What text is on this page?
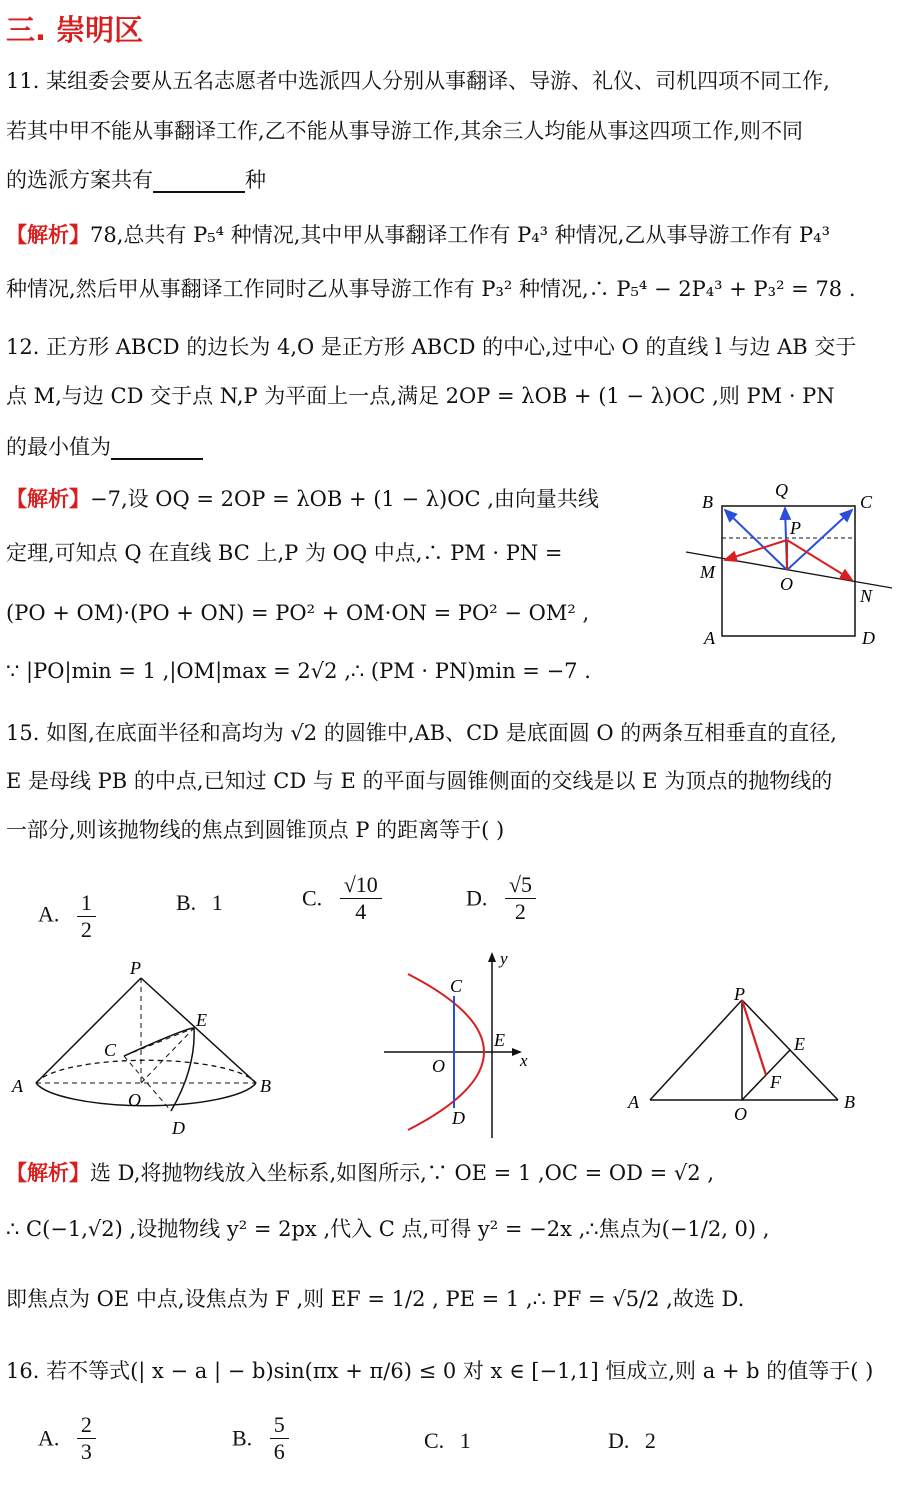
三. 崇明区
11. 某组委会要从五名志愿者中选派四人分别从事翻译、导游、礼仪、司机四项不同工作,
若其中甲不能从事翻译工作,乙不能从事导游工作,其余三人均能从事这四项工作,则不同
的选派方案共有	种
【解析】78,总共有 P₅⁴ 种情况,其中甲从事翻译工作有 P₄³ 种情况,乙从事导游工作有 P₄³
种情况,然后甲从事翻译工作同时乙从事导游工作有 P₃² 种情况,∴ P₅⁴ − 2P₄³ + P₃² = 78 .
12. 正方形 ABCD 的边长为 4,O 是正方形 ABCD 的中心,过中心 O 的直线 l 与边 AB 交于
点 M,与边 CD 交于点 N,P 为平面上一点,满足 2OP = λOB + (1 − λ)OC ,则 PM · PN
的最小值为
【解析】−7,设 OQ = 2OP = λOB + (1 − λ)OC ,由向量共线
定理,可知点 Q 在直线 BC 上,P 为 OQ 中点,∴ PM · PN =
(PO + OM)·(PO + ON) = PO² + OM·ON = PO² − OM² ,
∵ |PO|min = 1 ,|OM|max = 2√2 ,∴ (PM · PN)min = −7 .
B
Q
C
P
M
O
N
A	D
15. 如图,在底面半径和高均为 √2 的圆锥中,AB、CD 是底面圆 O 的两条互相垂直的直径,
E 是母线 PB 的中点,已知过 CD 与 E 的平面与圆锥侧面的交线是以 E 为顶点的抛物线的
一部分,则该抛物线的焦点到圆锥顶点 P 的距离等于( )
A. $\frac{1}{2}$	B. 1	C. $\frac{√10}{4}$	D. $\frac{√5}{2}$
P
E
C
A
O
B
D
y
C
E
O	x
D
P
E
F
A
O
B
【解析】选 D,将抛物线放入坐标系,如图所示,∵ OE = 1 ,OC = OD = √2 ,
∴ C(−1,√2) ,设抛物线 y² = 2px ,代入 C 点,可得 y² = −2x ,∴焦点为(−1/2, 0) ,
即焦点为 OE 中点,设焦点为 F ,则 EF = 1/2 , PE = 1 ,∴ PF = √5/2 ,故选 D.
16. 若不等式(| x − a | − b)sin(πx + π/6) ≤ 0 对 x ∈ [−1,1] 恒成立,则 a + b 的值等于( )
A. $\frac{2}{3}$	B. $\frac{5}{6}$	C. 1	D. 2
